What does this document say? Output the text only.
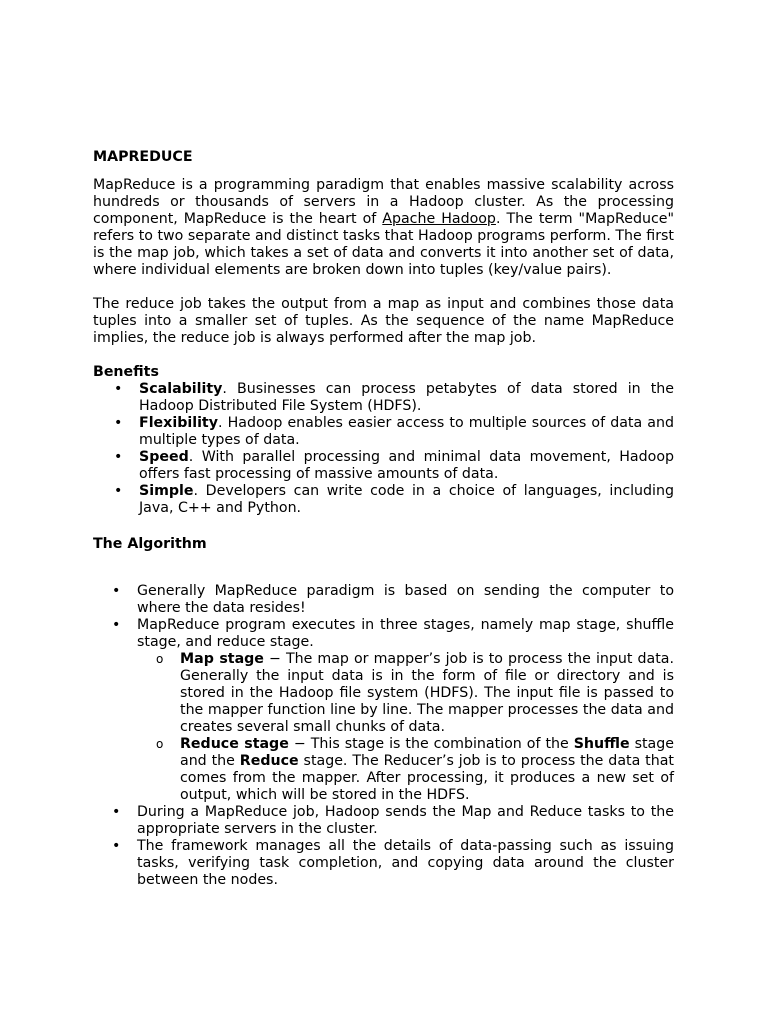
MAPREDUCE

MapReduce is a programming paradigm that enables massive scalability across hundreds or thousands of servers in a Hadoop cluster. As the processing component, MapReduce is the heart of Apache Hadoop. The term "MapReduce" refers to two separate and distinct tasks that Hadoop programs perform. The first is the map job, which takes a set of data and converts it into another set of data, where individual elements are broken down into tuples (key/value pairs).

The reduce job takes the output from a map as input and combines those data tuples into a smaller set of tuples. As the sequence of the name MapReduce implies, the reduce job is always performed after the map job.

Benefits
• Scalability. Businesses can process petabytes of data stored in the Hadoop Distributed File System (HDFS).
• Flexibility. Hadoop enables easier access to multiple sources of data and multiple types of data.
• Speed. With parallel processing and minimal data movement, Hadoop offers fast processing of massive amounts of data.
• Simple. Developers can write code in a choice of languages, including Java, C++ and Python.
The Algorithm
• Generally MapReduce paradigm is based on sending the computer to where the data resides!
• MapReduce program executes in three stages, namely map stage, shuffle stage, and reduce stage.
o Map stage − The map or mapper’s job is to process the input data. Generally the input data is in the form of file or directory and is stored in the Hadoop file system (HDFS). The input file is passed to the mapper function line by line. The mapper processes the data and creates several small chunks of data.
o Reduce stage − This stage is the combination of the Shuffle stage and the Reduce stage. The Reducer’s job is to process the data that comes from the mapper. After processing, it produces a new set of output, which will be stored in the HDFS.
• During a MapReduce job, Hadoop sends the Map and Reduce tasks to the appropriate servers in the cluster.
• The framework manages all the details of data-passing such as issuing tasks, verifying task completion, and copying data around the cluster between the nodes.
